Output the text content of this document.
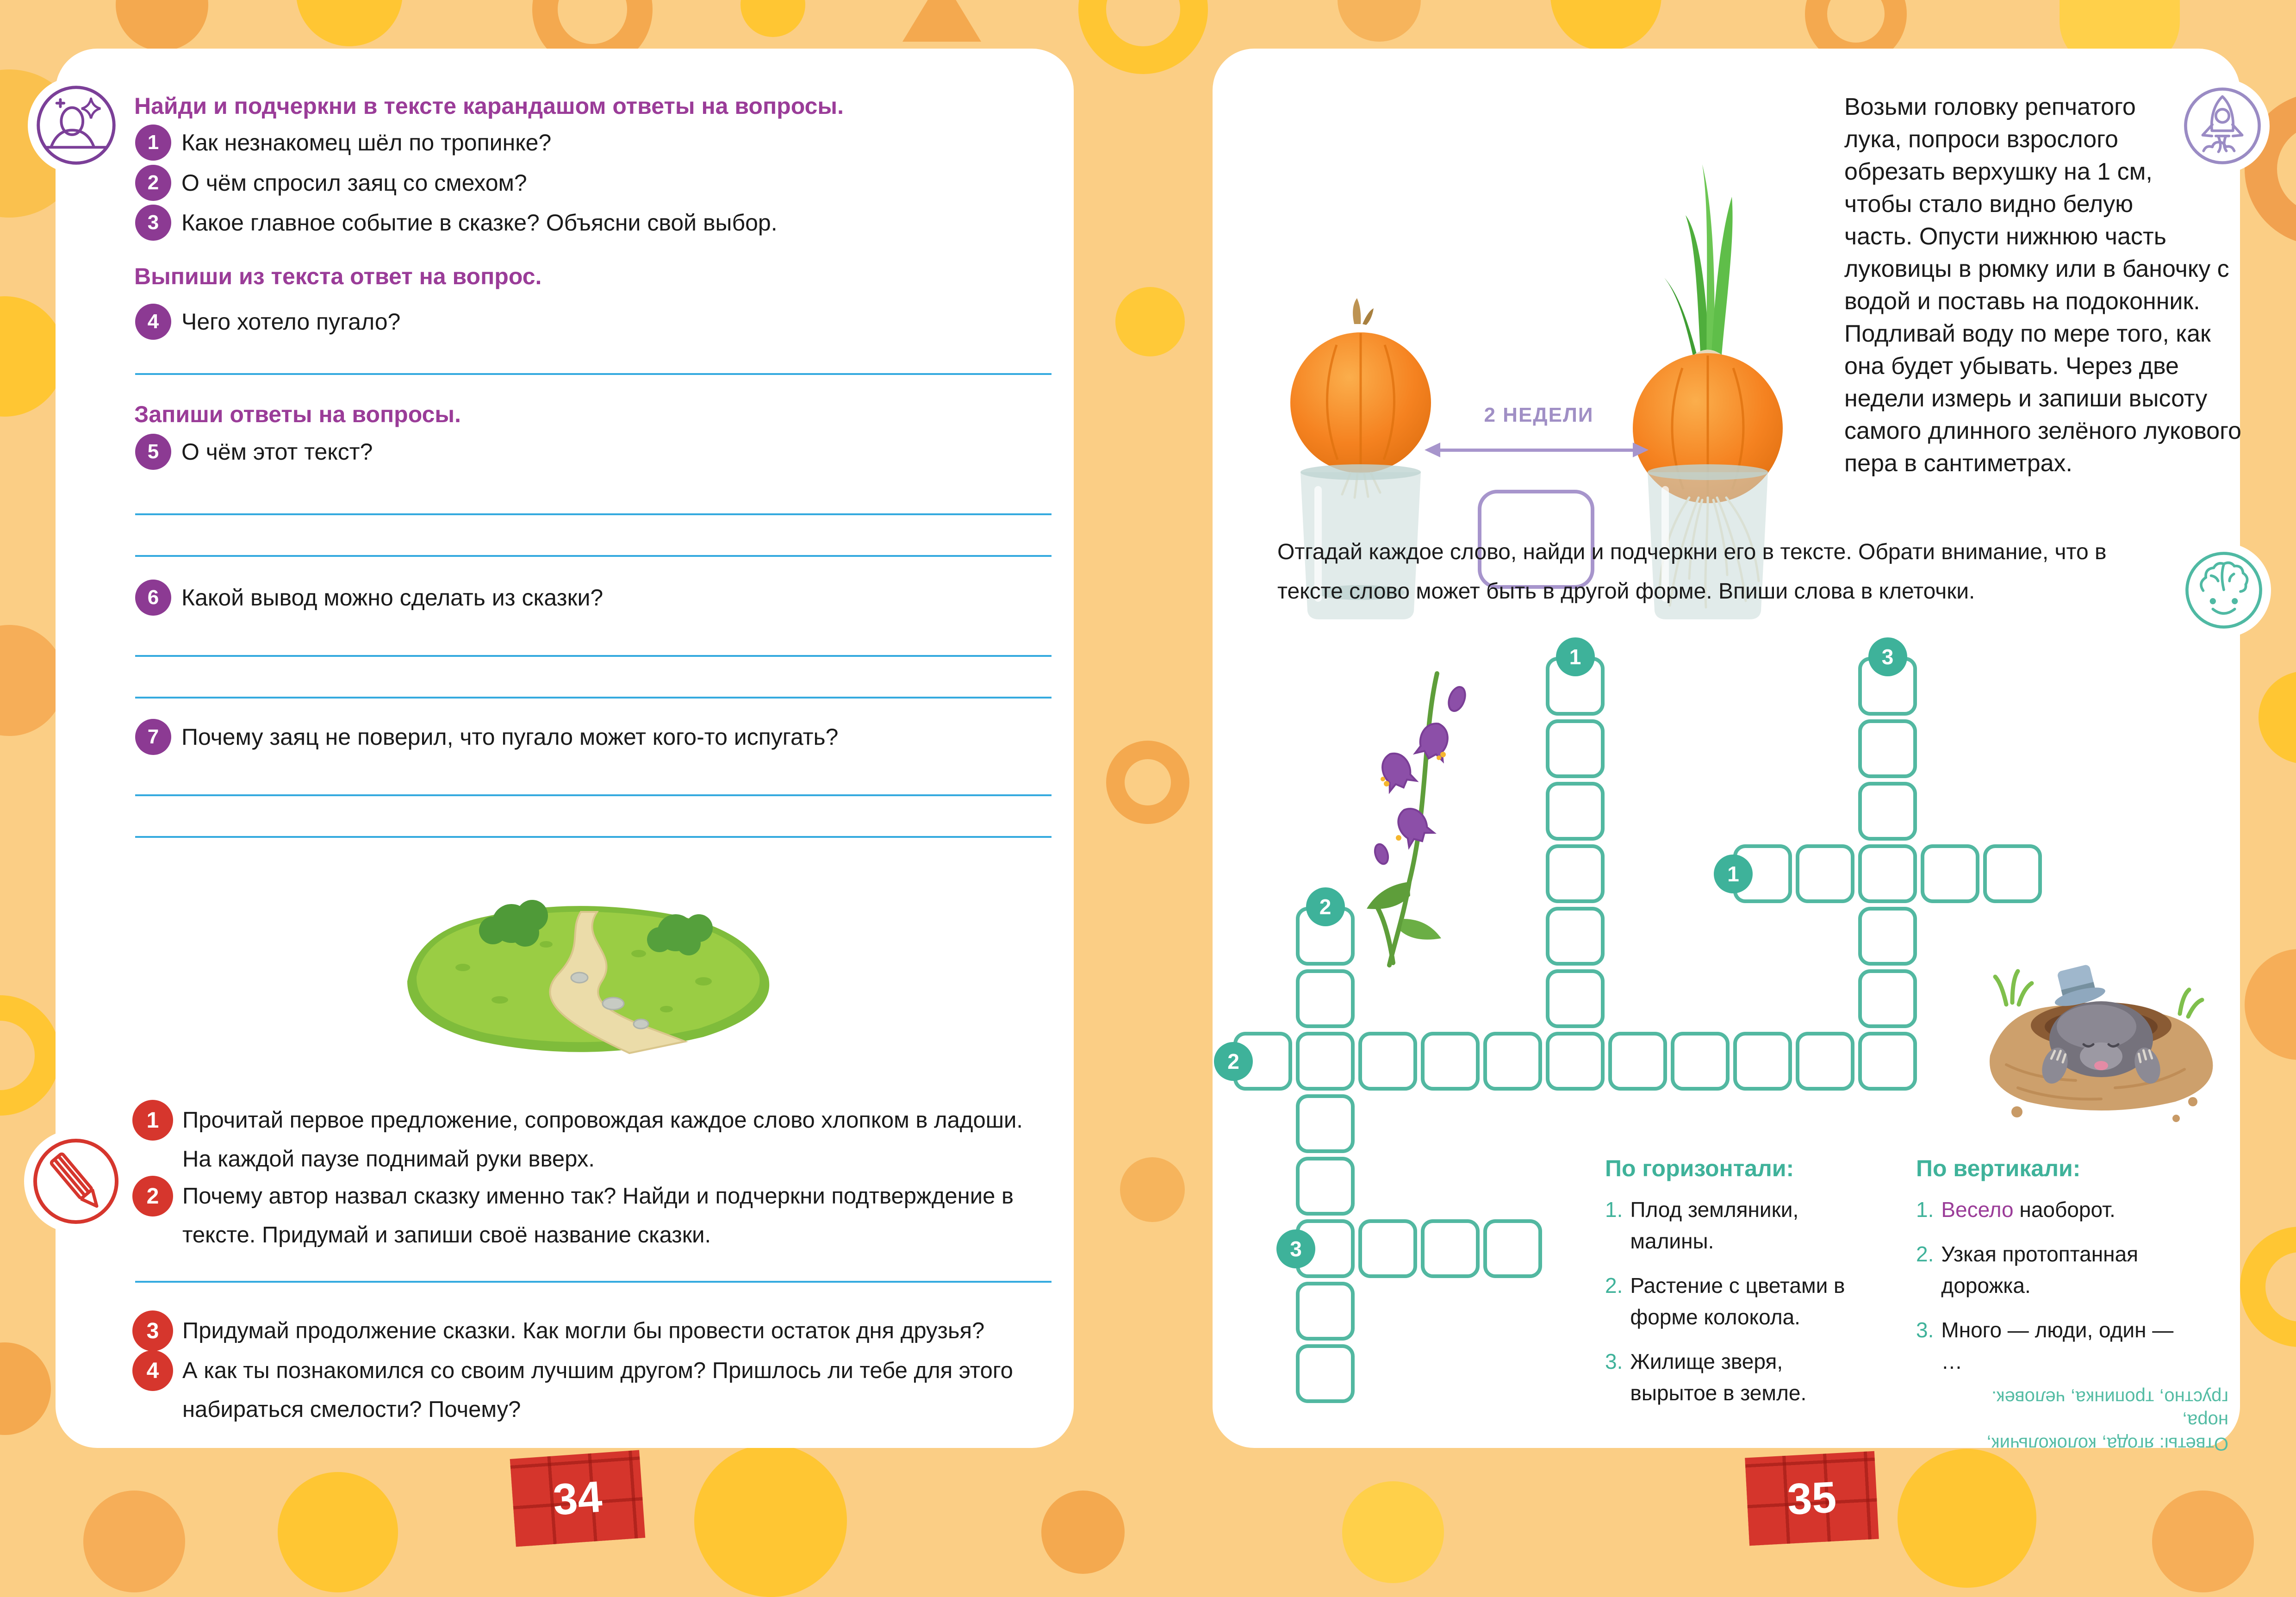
Найди и подчеркни в тексте карандашом ответы на вопросы.
1 Как незнакомец шёл по тропинке?
2 О чём спросил заяц со смехом?
3 Какое главное событие в сказке? Объясни свой выбор.
Выпиши из текста ответ на вопрос.
4 Чего хотело пугало?
Запиши ответы на вопросы.
5 О чём этот текст?
6 Какой вывод можно сделать из сказки?
7 Почему заяц не поверил, что пугало может кого-то испугать?
1	Прочитай первое предложение, сопровождая каждое слово хлопком в ладоши. На каждой паузе поднимай руки вверх.
2	Почему автор назвал сказку именно так? Найди и подчеркни подтверждение в тексте. Придумай и запиши своё название сказки.
3	Придумай продолжение сказки. Как могли бы провести остаток дня друзья?
4	А как ты познакомился со своим лучшим другом? Пришлось ли тебе для этого набираться смелости? Почему?
34
2 НЕДЕЛИ
Возьми головку репчатого лука, попроси взрослого обрезать верхушку на 1 см, чтобы стало видно белую часть. Опусти нижнюю часть луковицы в рюмку или в баночку с водой и поставь на подоконник. Подливай воду по мере того, как она будет убывать. Через две недели измерь и запиши высоту самого длинного зелёного лукового пера в сантиметрах.
Отгадай каждое слово, найди и подчеркни его в тексте. Обрати внимание, что в тексте слово может быть в другой форме. Впиши слова в клеточки.
2
1
3
1
2
3
По горизонтали:
1. Плод земляники, малины.
2. Растение с цветами в форме колокола.
3. Жилище зверя, вырытое в земле.
По вертикали:
1. Весело наоборот.
2. Узкая протоптанная дорожка.
3. Много — люди, один — …
Ответы: ягода, колокольчик, нора,
грустно, тропинка, человек.
35
